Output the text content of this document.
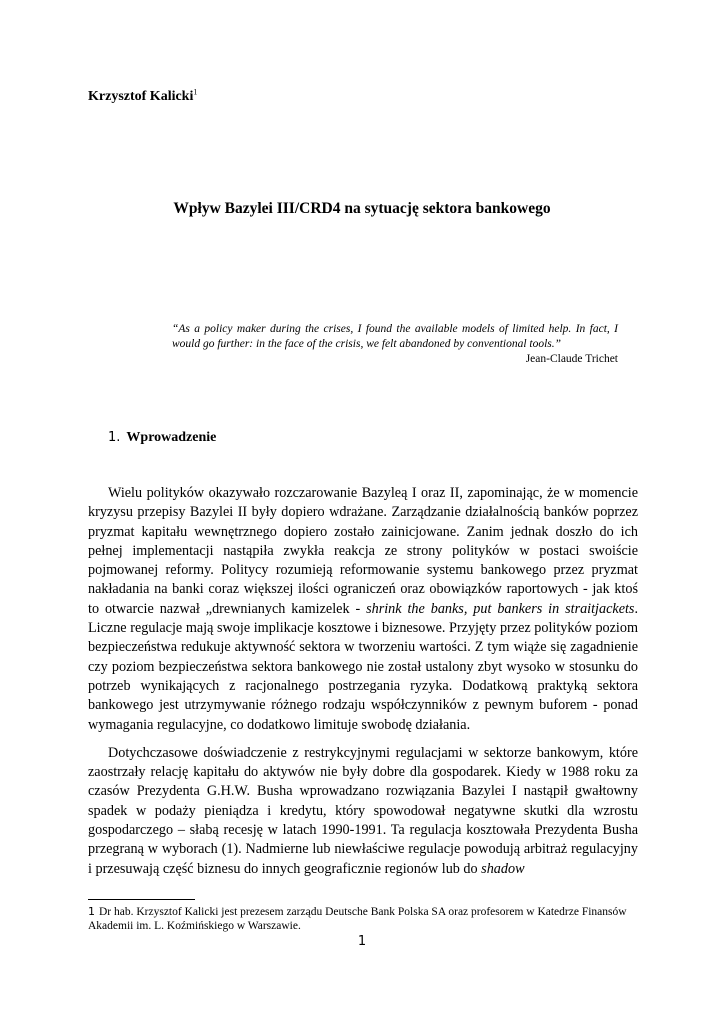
Krzysztof Kalicki$^1$
Wpływ Bazylei III/CRD4 na sytuację sektora bankowego
“As a policy maker during the crises, I found the available models of limited help. In fact, I would go further: in the face of the crisis, we felt abandoned by conventional tools.”
Jean-Claude Trichet
1. Wprowadzenie

Wielu polityków okazywało rozczarowanie Bazyleą I oraz II, zapominając, że w momencie kryzysu przepisy Bazylei II były dopiero wdrażane. Zarządzanie działalnością banków poprzez pryzmat kapitału wewnętrznego dopiero zostało zainicjowane. Zanim jednak doszło do ich pełnej implementacji nastąpiła zwykła reakcja ze strony polityków w postaci swoiście pojmowanej reformy. Politycy rozumieją reformowanie systemu bankowego przez pryzmat nakładania na banki coraz większej ilości ograniczeń oraz obowiązków raportowych - jak ktoś to otwarcie nazwał „drewnianych kamizelek - shrink the banks, put bankers in straitjackets. Liczne regulacje mają swoje implikacje kosztowe i biznesowe. Przyjęty przez polityków poziom bezpieczeństwa redukuje aktywność sektora w tworzeniu wartości. Z tym wiąże się zagadnienie czy poziom bezpieczeństwa sektora bankowego nie został ustalony zbyt wysoko w stosunku do potrzeb wynikających z racjonalnego postrzegania ryzyka. Dodatkową praktyką sektora bankowego jest utrzymywanie różnego rodzaju współczynników z pewnym buforem - ponad wymagania regulacyjne, co dodatkowo limituje swobodę działania.

Dotychczasowe doświadczenie z restrykcyjnymi regulacjami w sektorze bankowym, które zaostrzały relację kapitału do aktywów nie były dobre dla gospodarek. Kiedy w 1988 roku za czasów Prezydenta G.H.W. Busha wprowadzano rozwiązania Bazylei I nastąpił gwałtowny spadek w podaży pieniądza i kredytu, który spowodował negatywne skutki dla wzrostu gospodarczego – słabą recesję w latach 1990-1991. Ta regulacja kosztowała Prezydenta Busha przegraną w wyborach (1). Nadmierne lub niewłaściwe regulacje powodują arbitraż regulacyjny i przesuwają część biznesu do innych geograficznie regionów lub do shadow

1 Dr hab. Krzysztof Kalicki jest prezesem zarządu Deutsche Bank Polska SA oraz profesorem w Katedrze Finansów Akademii im. L. Koźmińskiego w Warszawie.
1
